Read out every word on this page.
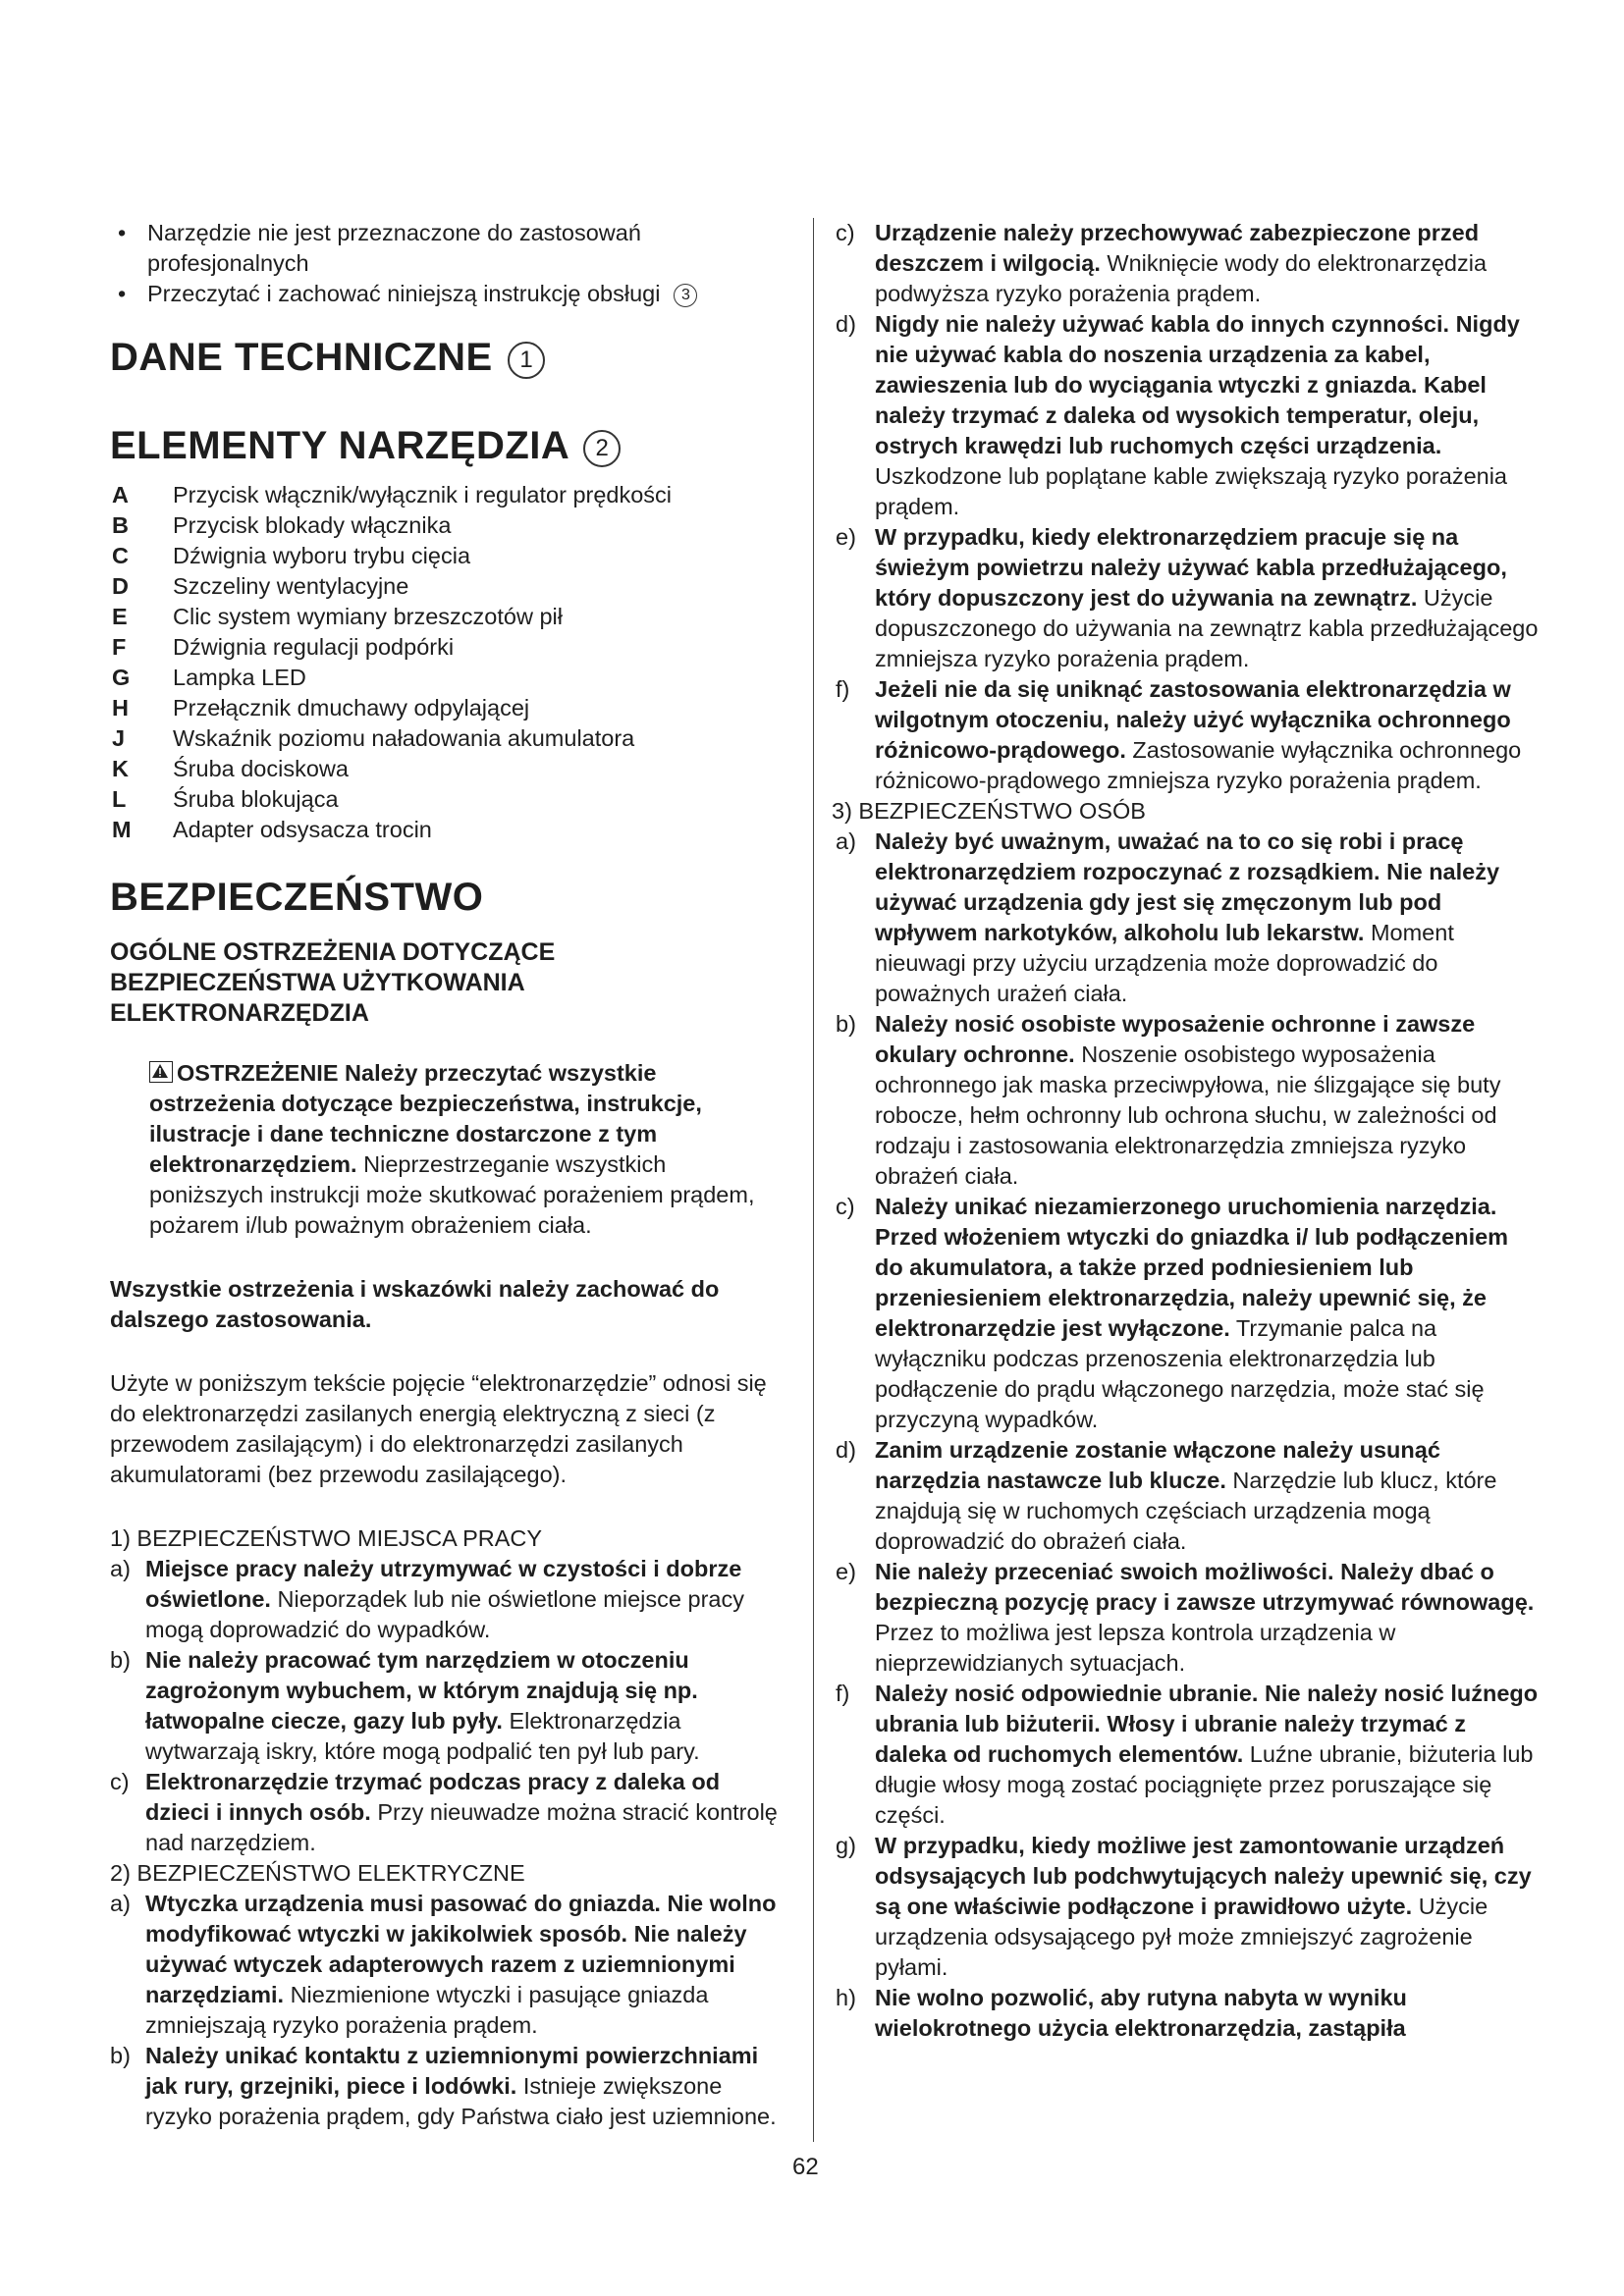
• Narzędzie nie jest przeznaczone do zastosowań profesjonalnych
• Przeczytać i zachować niniejszą instrukcję obsługi 3
DANE TECHNICZNE 1
ELEMENTY NARZĘDZIA 2
A Przycisk włącznik/wyłącznik i regulator prędkości
B Przycisk blokady włącznika
C Dźwignia wyboru trybu cięcia
D Szczeliny wentylacyjne
E Clic system wymiany brzeszczotów pił
F Dźwignia regulacji podpórki
G Lampka LED
H Przełącznik dmuchawy odpylającej
J Wskaźnik poziomu naładowania akumulatora
K Śruba dociskowa
L Śruba blokująca
M Adapter odsysacza trocin
BEZPIECZEŃSTWO
OGÓLNE OSTRZEŻENIA DOTYCZĄCE BEZPIECZEŃSTWA UŻYTKOWANIA ELEKTRONARZĘDZIA
OSTRZEŻENIE Należy przeczytać wszystkie ostrzeżenia dotyczące bezpieczeństwa, instrukcje, ilustracje i dane techniczne dostarczone z tym elektronarzędziem. Nieprzestrzeganie wszystkich poniższych instrukcji może skutkować porażeniem prądem, pożarem i/lub poważnym obrażeniem ciała.
Wszystkie ostrzeżenia i wskazówki należy zachować do dalszego zastosowania.
Użyte w poniższym tekście pojęcie “elektronarzędzie” odnosi się do elektronarzędzi zasilanych energią elektryczną z sieci (z przewodem zasilającym) i do elektronarzędzi zasilanych akumulatorami (bez przewodu zasilającego).
1) BEZPIECZEŃSTWO MIEJSCA PRACY
a) Miejsce pracy należy utrzymywać w czystości i dobrze oświetlone. Nieporządek lub nie oświetlone miejsce pracy mogą doprowadzić do wypadków.
b) Nie należy pracować tym narzędziem w otoczeniu zagrożonym wybuchem, w którym znajdują się np. łatwopalne ciecze, gazy lub pyły. Elektronarzędzia wytwarzają iskry, które mogą podpalić ten pył lub pary.
c) Elektronarzędzie trzymać podczas pracy z daleka od dzieci i innych osób. Przy nieuwadze można stracić kontrolę nad narzędziem.
2) BEZPIECZEŃSTWO ELEKTRYCZNE
a) Wtyczka urządzenia musi pasować do gniazda. Nie wolno modyfikować wtyczki w jakikolwiek sposób. Nie należy używać wtyczek adapterowych razem z uziemnionymi narzędziami. Niezmienione wtyczki i pasujące gniazda zmniejszają ryzyko porażenia prądem.
b) Należy unikać kontaktu z uziemnionymi powierzchniami jak rury, grzejniki, piece i lodówki. Istnieje zwiększone ryzyko porażenia prądem, gdy Państwa ciało jest uziemnione.
c) Urządzenie należy przechowywać zabezpieczone przed deszczem i wilgocią. Wniknięcie wody do elektronarzędzia podwyższa ryzyko porażenia prądem.
d) Nigdy nie należy używać kabla do innych czynności. Nigdy nie używać kabla do noszenia urządzenia za kabel, zawieszenia lub do wyciągania wtyczki z gniazda. Kabel należy trzymać z daleka od wysokich temperatur, oleju, ostrych krawędzi lub ruchomych części urządzenia. Uszkodzone lub poplątane kable zwiększają ryzyko porażenia prądem.
e) W przypadku, kiedy elektronarzędziem pracuje się na świeżym powietrzu należy używać kabla przedłużającego, który dopuszczony jest do używania na zewnątrz. Użycie dopuszczonego do używania na zewnątrz kabla przedłużającego zmniejsza ryzyko porażenia prądem.
f) Jeżeli nie da się uniknąć zastosowania elektronarzędzia w wilgotnym otoczeniu, należy użyć wyłącznika ochronnego różnicowo-prądowego. Zastosowanie wyłącznika ochronnego różnicowo-prądowego zmniejsza ryzyko porażenia prądem.
3) BEZPIECZEŃSTWO OSÓB
a) Należy być uważnym, uważać na to co się robi i pracę elektronarzędziem rozpoczynać z rozsądkiem. Nie należy używać urządzenia gdy jest się zmęczonym lub pod wpływem narkotyków, alkoholu lub lekarstw. Moment nieuwagi przy użyciu urządzenia może doprowadzić do poważnych urażeń ciała.
b) Należy nosić osobiste wyposażenie ochronne i zawsze okulary ochronne. Noszenie osobistego wyposażenia ochronnego jak maska przeciwpyłowa, nie ślizgające się buty robocze, hełm ochronny lub ochrona słuchu, w zależności od rodzaju i zastosowania elektronarzędzia zmniejsza ryzyko obrażeń ciała.
c) Należy unikać niezamierzonego uruchomienia narzędzia. Przed włożeniem wtyczki do gniazdka i/ lub podłączeniem do akumulatora, a także przed podniesieniem lub przeniesieniem elektronarzędzia, należy upewnić się, że elektronarzędzie jest wyłączone. Trzymanie palca na wyłączniku podczas przenoszenia elektronarzędzia lub podłączenie do prądu włączonego narzędzia, może stać się przyczyną wypadków.
d) Zanim urządzenie zostanie włączone należy usunąć narzędzia nastawcze lub klucze. Narzędzie lub klucz, które znajdują się w ruchomych częściach urządzenia mogą doprowadzić do obrażeń ciała.
e) Nie należy przeceniać swoich możliwości. Należy dbać o bezpieczną pozycję pracy i zawsze utrzymywać równowagę. Przez to możliwa jest lepsza kontrola urządzenia w nieprzewidzianych sytuacjach.
f) Należy nosić odpowiednie ubranie. Nie należy nosić luźnego ubrania lub biżuterii. Włosy i ubranie należy trzymać z daleka od ruchomych elementów. Luźne ubranie, biżuteria lub długie włosy mogą zostać pociągnięte przez poruszające się części.
g) W przypadku, kiedy możliwe jest zamontowanie urządzeń odsysających lub podchwytujących należy upewnić się, czy są one właściwie podłączone i prawidłowo użyte. Użycie urządzenia odsysającego pył może zmniejszyć zagrożenie pyłami.
h) Nie wolno pozwolić, aby rutyna nabyta w wyniku wielokrotnego użycia elektronarzędzia, zastąpiła
62
